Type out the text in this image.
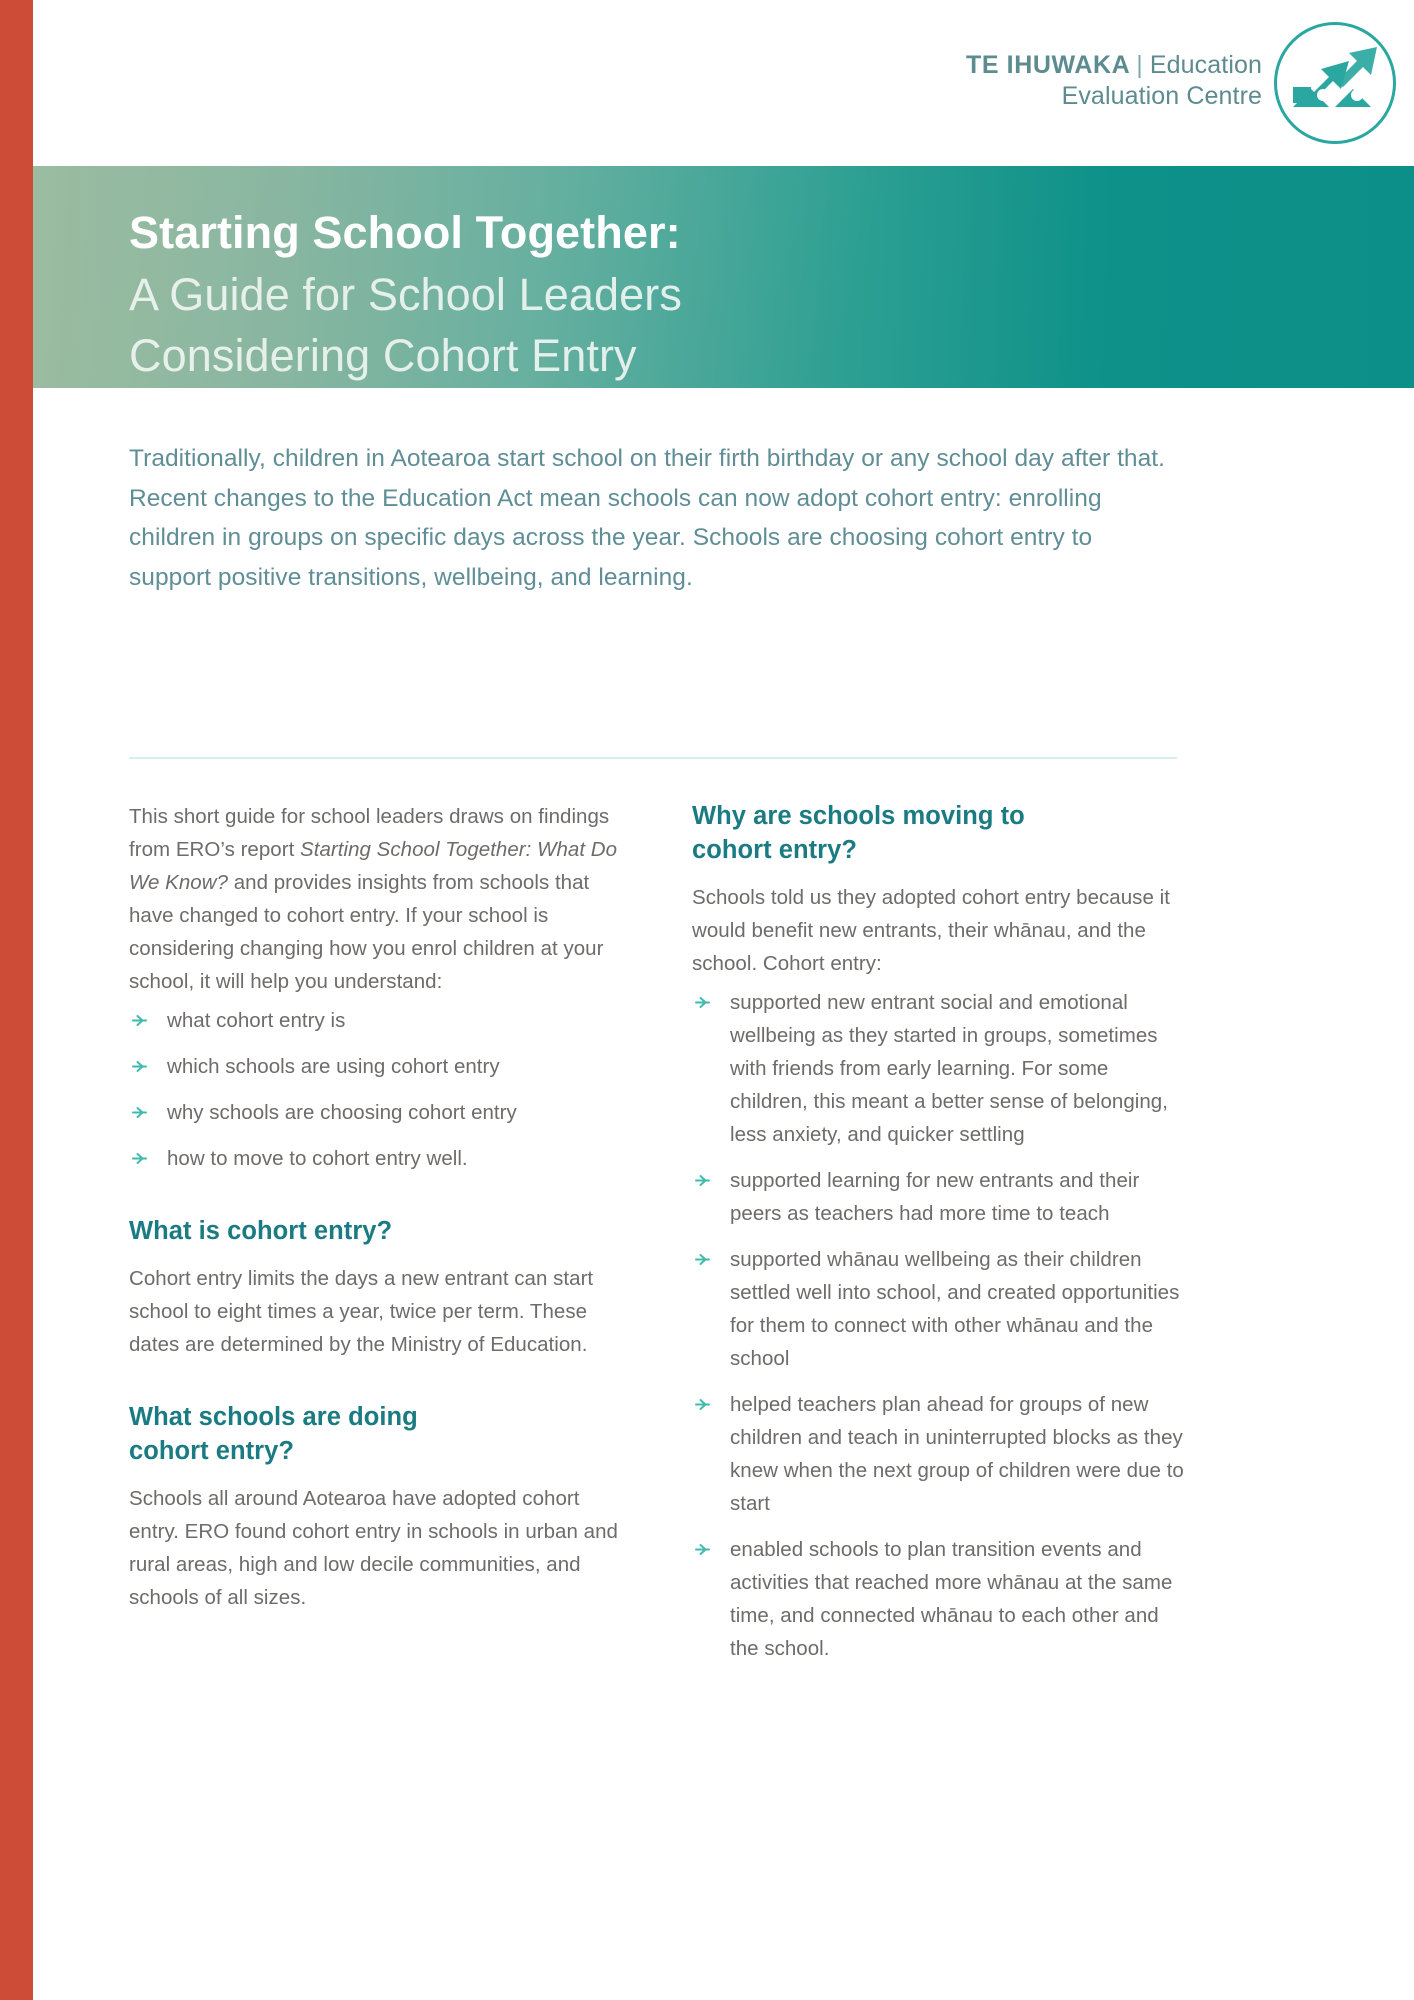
TE IHUWAKA | Education
Evaluation Centre
Starting School Together:
A Guide for School Leaders
Considering Cohort Entry
Traditionally, children in Aotearoa start school on their firth birthday or any school day after that. Recent changes to the Education Act mean schools can now adopt cohort entry: enrolling children in groups on specific days across the year. Schools are choosing cohort entry to support positive transitions, wellbeing, and learning.

This short guide for school leaders draws on findings from ERO’s report Starting School Together: What Do We Know? and provides insights from schools that have changed to cohort entry. If your school is considering changing how you enrol children at your school, it will help you understand:

what cohort entry is
which schools are using cohort entry
why schools are choosing cohort entry
how to move to cohort entry well.
What is cohort entry?

Cohort entry limits the days a new entrant can start school to eight times a year, twice per term. These dates are determined by the Ministry of Education.

What schools are doing
cohort entry?

Schools all around Aotearoa have adopted cohort entry. ERO found cohort entry in schools in urban and rural areas, high and low decile communities, and schools of all sizes.

Why are schools moving to
cohort entry?

Schools told us they adopted cohort entry because it would benefit new entrants, their whānau, and the school. Cohort entry:

supported new entrant social and emotional wellbeing as they started in groups, sometimes with friends from early learning. For some children, this meant a better sense of belonging, less anxiety, and quicker settling
supported learning for new entrants and their peers as teachers had more time to teach
supported whānau wellbeing as their children settled well into school, and created opportunities for them to connect with other whānau and the school
helped teachers plan ahead for groups of new children and teach in uninterrupted blocks as they knew when the next group of children were due to start
enabled schools to plan transition events and activities that reached more whānau at the same time, and connected whānau to each other and the school.
